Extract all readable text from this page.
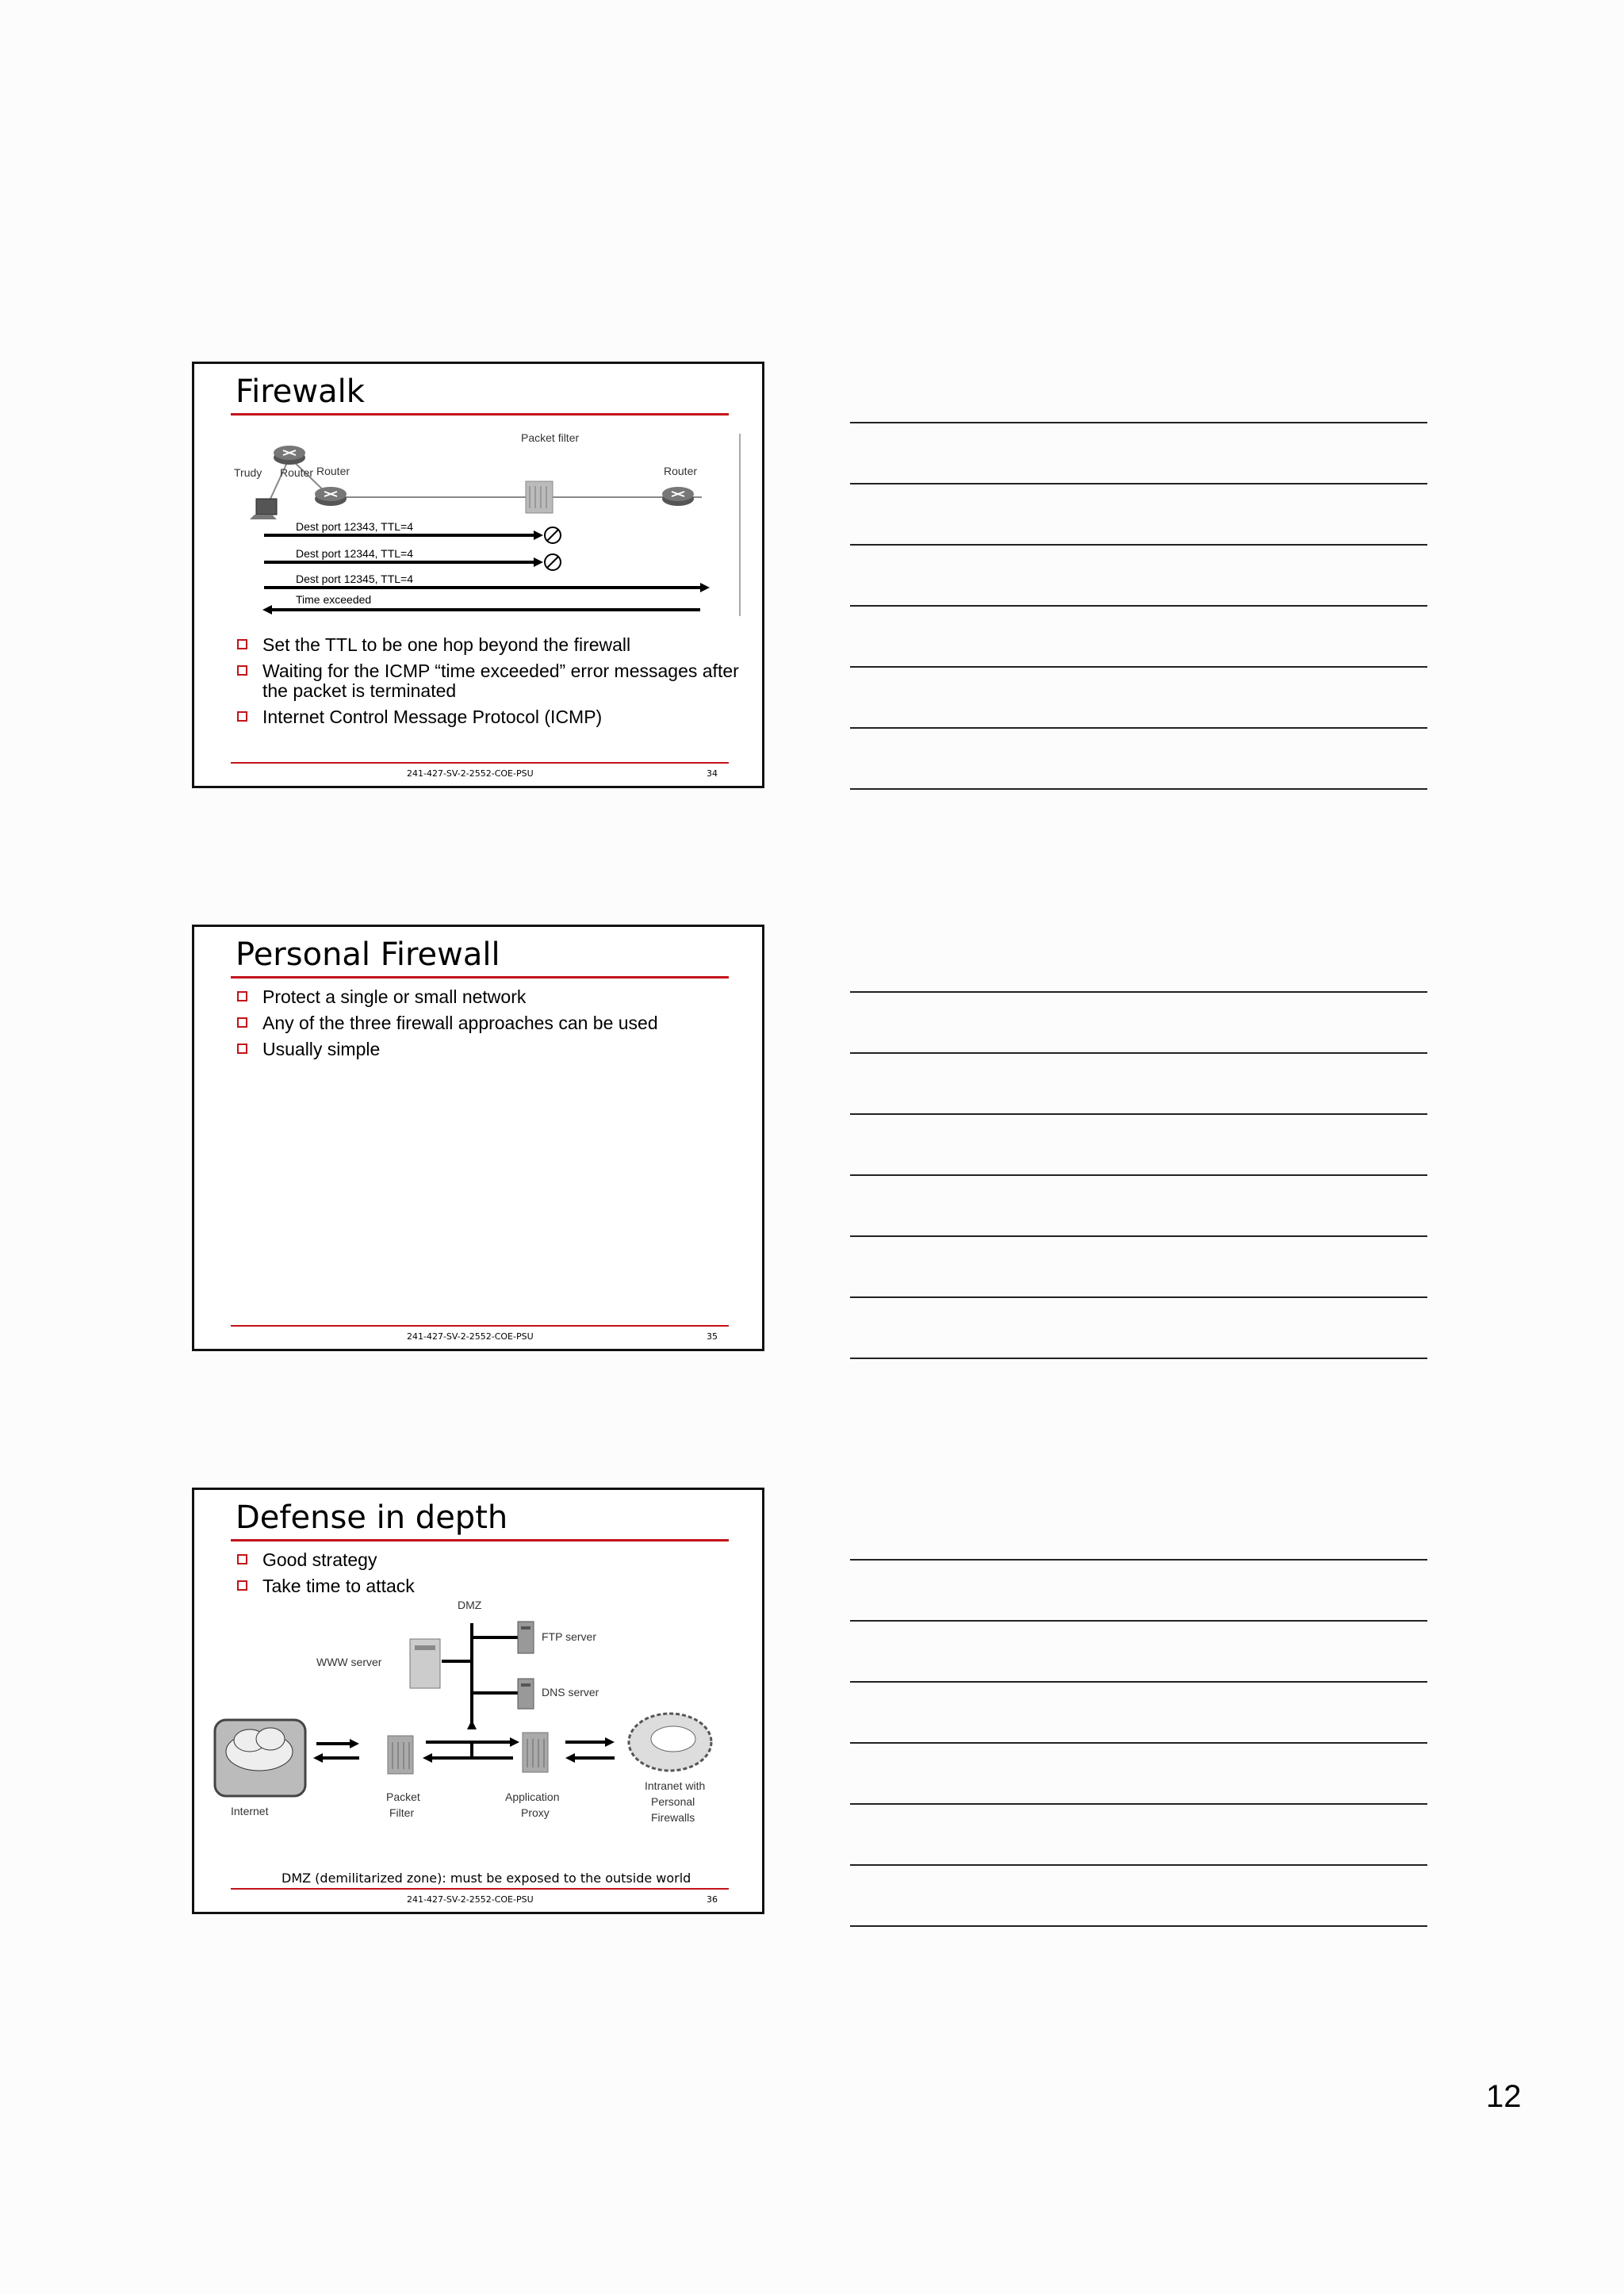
Firewalk
Trudy Router Router
Packet filter
Router
Dest port 12343, TTL=4
Dest port 12344, TTL=4
Dest port 12345, TTL=4
Time exceeded
Set the TTL to be one hop beyond the firewall
Waiting for the ICMP “time exceeded” error messages after the packet is terminated
Internet Control Message Protocol (ICMP)
241-427-SV-2-2552-COE-PSU	34
Personal Firewall
Protect a single or small network
Any of the three firewall approaches can be used
Usually simple
241-427-SV-2-2552-COE-PSU	35
Defense in depth
Good strategy
Take time to attack
DMZ
FTP server
WWW server
DNS server
Internet
Packet
Filter
Application
Proxy
Intranet with
Personal
Firewalls
DMZ (demilitarized zone): must be exposed to the outside world
241-427-SV-2-2552-COE-PSU	36
12
